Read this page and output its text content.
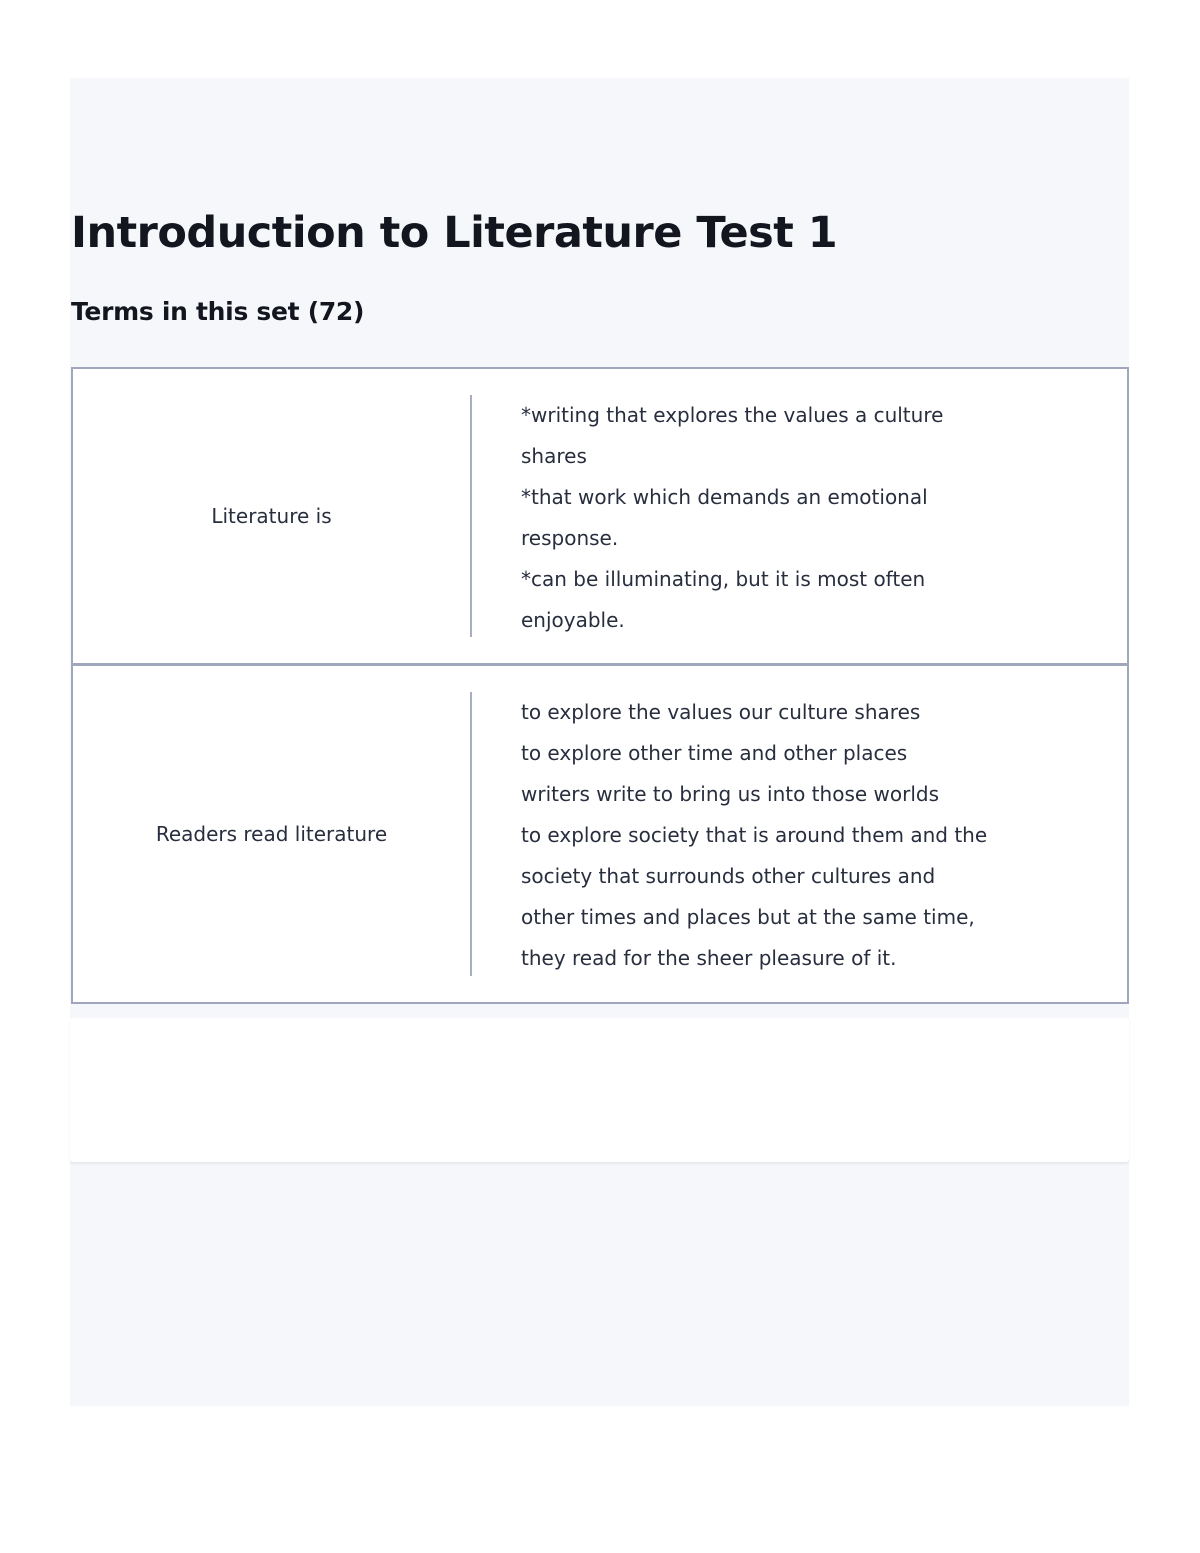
Introduction to Literature Test 1
Terms in this set (72)
Literature is
*writing that explores the values a culture
shares
*that work which demands an emotional
response.
*can be illuminating, but it is most often
enjoyable.
Readers read literature
to explore the values our culture shares
to explore other time and other places
writers write to bring us into those worlds
to explore society that is around them and the
society that surrounds other cultures and
other times and places but at the same time,
they read for the sheer pleasure of it.
